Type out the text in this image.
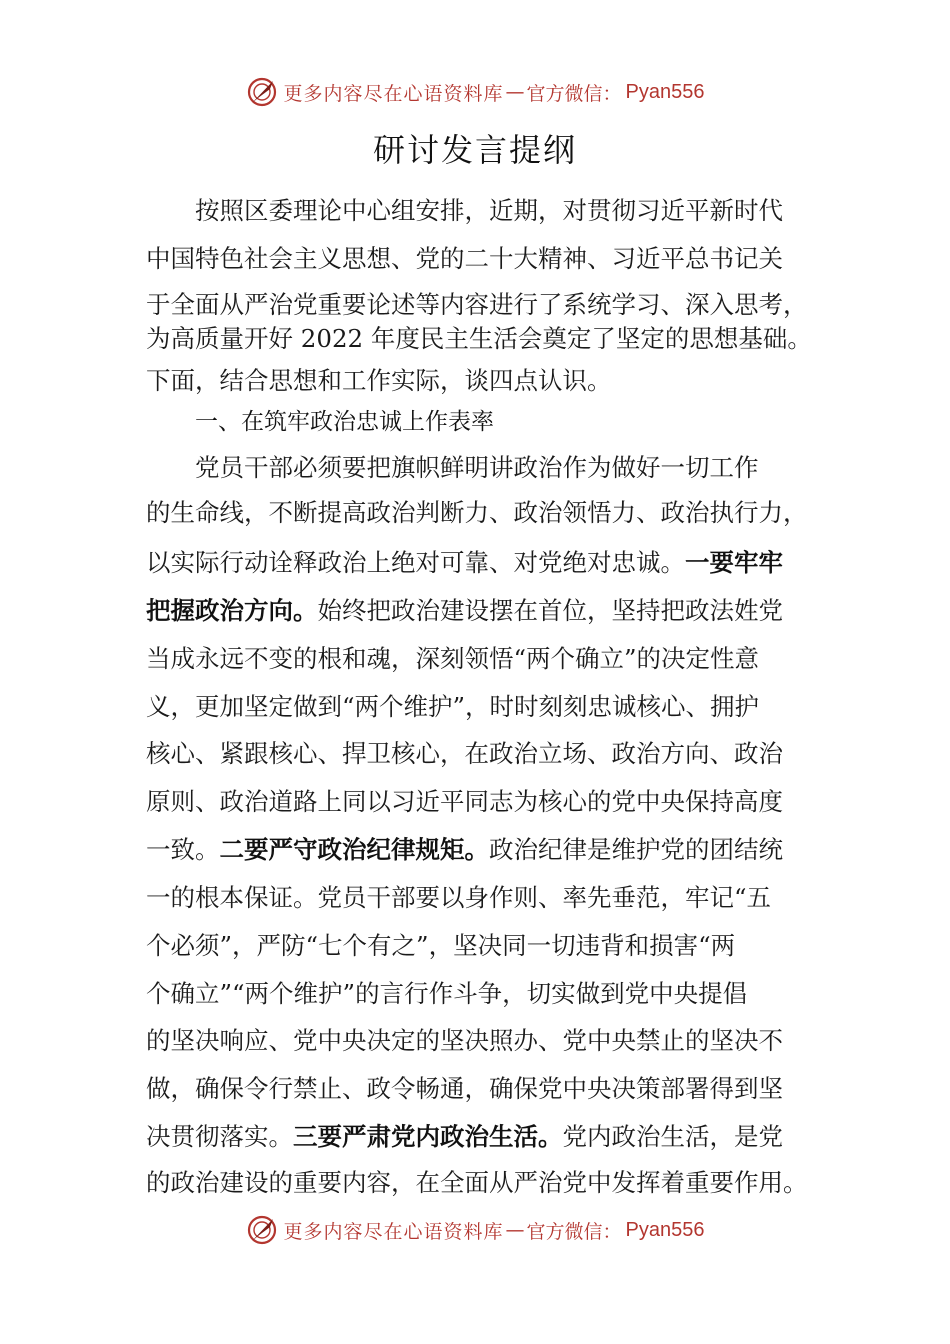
更多内容尽在心语资料库 — 官方微信： Pyan556
研讨发言提纲
按照区委理论中心组安排，近期，对贯彻习近平新时代
中国特色社会主义思想、党的二十大精神、习近平总书记关
于全面从严治党重要论述等内容进行了系统学习、深入思考，
为高质量开好 2022 年度民主生活会奠定了坚定的思想基础。
下面，结合思想和工作实际，谈四点认识。
一、在筑牢政治忠诚上作表率
党员干部必须要把旗帜鲜明讲政治作为做好一切工作
的生命线，不断提高政治判断力、政治领悟力、政治执行力，
以实际行动诠释政治上绝对可靠、对党绝对忠诚。一要牢牢
把握政治方向。始终把政治建设摆在首位，坚持把政法姓党
当成永远不变的根和魂，深刻领悟“两个确立”的决定性意
义，更加坚定做到“两个维护”，时时刻刻忠诚核心、拥护
核心、紧跟核心、捍卫核心，在政治立场、政治方向、政治
原则、政治道路上同以习近平同志为核心的党中央保持高度
一致。二要严守政治纪律规矩。政治纪律是维护党的团结统
一的根本保证。党员干部要以身作则、率先垂范，牢记“五
个必须”，严防“七个有之”，坚决同一切违背和损害“两
个确立”“两个维护”的言行作斗争，切实做到党中央提倡
的坚决响应、党中央决定的坚决照办、党中央禁止的坚决不
做，确保令行禁止、政令畅通，确保党中央决策部署得到坚
决贯彻落实。三要严肃党内政治生活。党内政治生活，是党
的政治建设的重要内容，在全面从严治党中发挥着重要作用。
更多内容尽在心语资料库 — 官方微信： Pyan556
